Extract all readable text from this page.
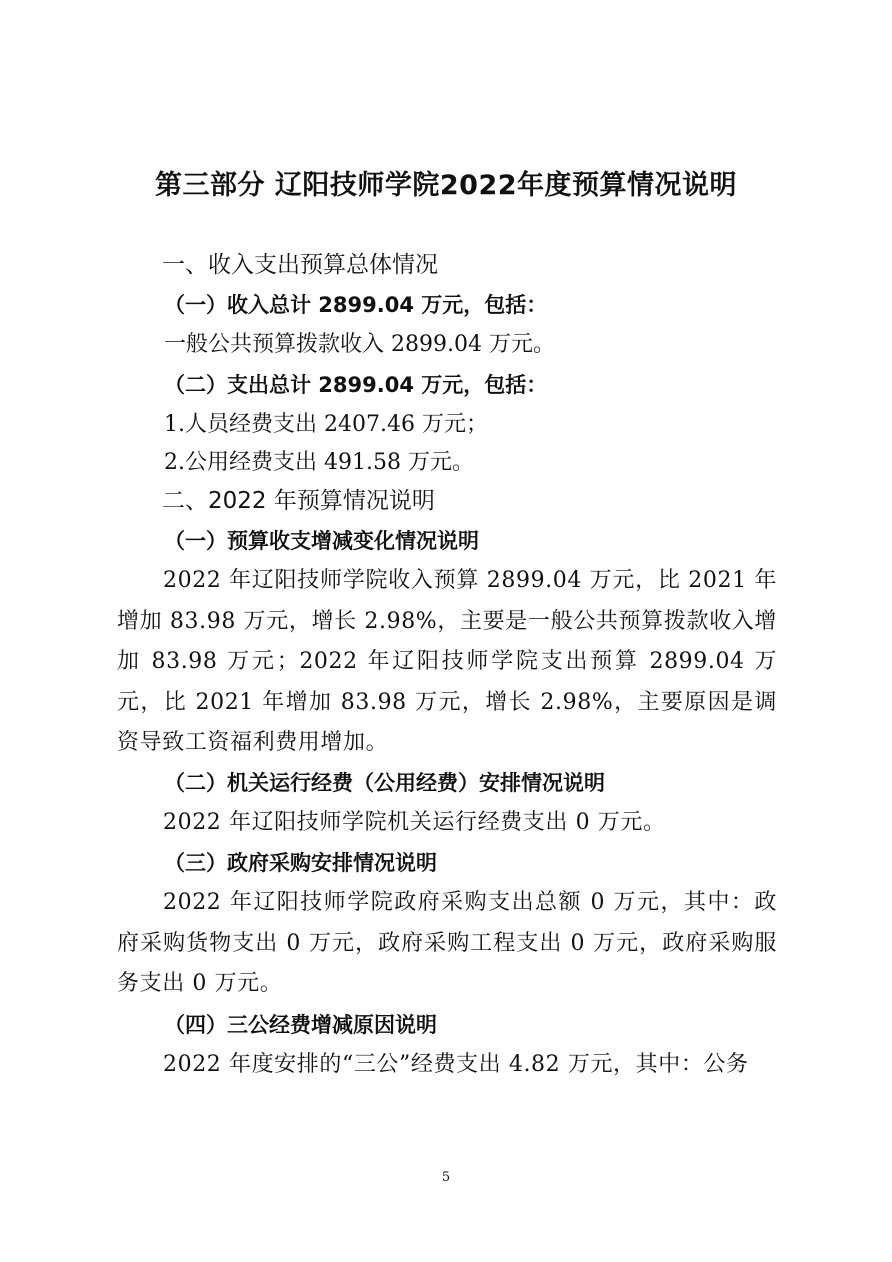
第三部分 辽阳技师学院2022年度预算情况说明
一、收入支出预算总体情况
（一）收入总计 2899.04 万元，包括：
一般公共预算拨款收入 2899.04 万元。
（二）支出总计 2899.04 万元，包括：
1.人员经费支出 2407.46 万元；
2.公用经费支出 491.58 万元。
二、2022 年预算情况说明
（一）预算收支增减变化情况说明
2022 年辽阳技师学院收入预算 2899.04 万元，比 2021 年增加 83.98 万元，增长 2.98%，主要是一般公共预算拨款收入增加 83.98 万元；2022 年辽阳技师学院支出预算 2899.04 万元，比 2021 年增加 83.98 万元，增长 2.98%，主要原因是调资导致工资福利费用增加。
（二）机关运行经费（公用经费）安排情况说明
2022 年辽阳技师学院机关运行经费支出 0 万元。
（三）政府采购安排情况说明
2022 年辽阳技师学院政府采购支出总额 0 万元，其中：政府采购货物支出 0 万元，政府采购工程支出 0 万元，政府采购服务支出 0 万元。
（四）三公经费增减原因说明
2022 年度安排的“三公”经费支出 4.82 万元，其中：公务
5
